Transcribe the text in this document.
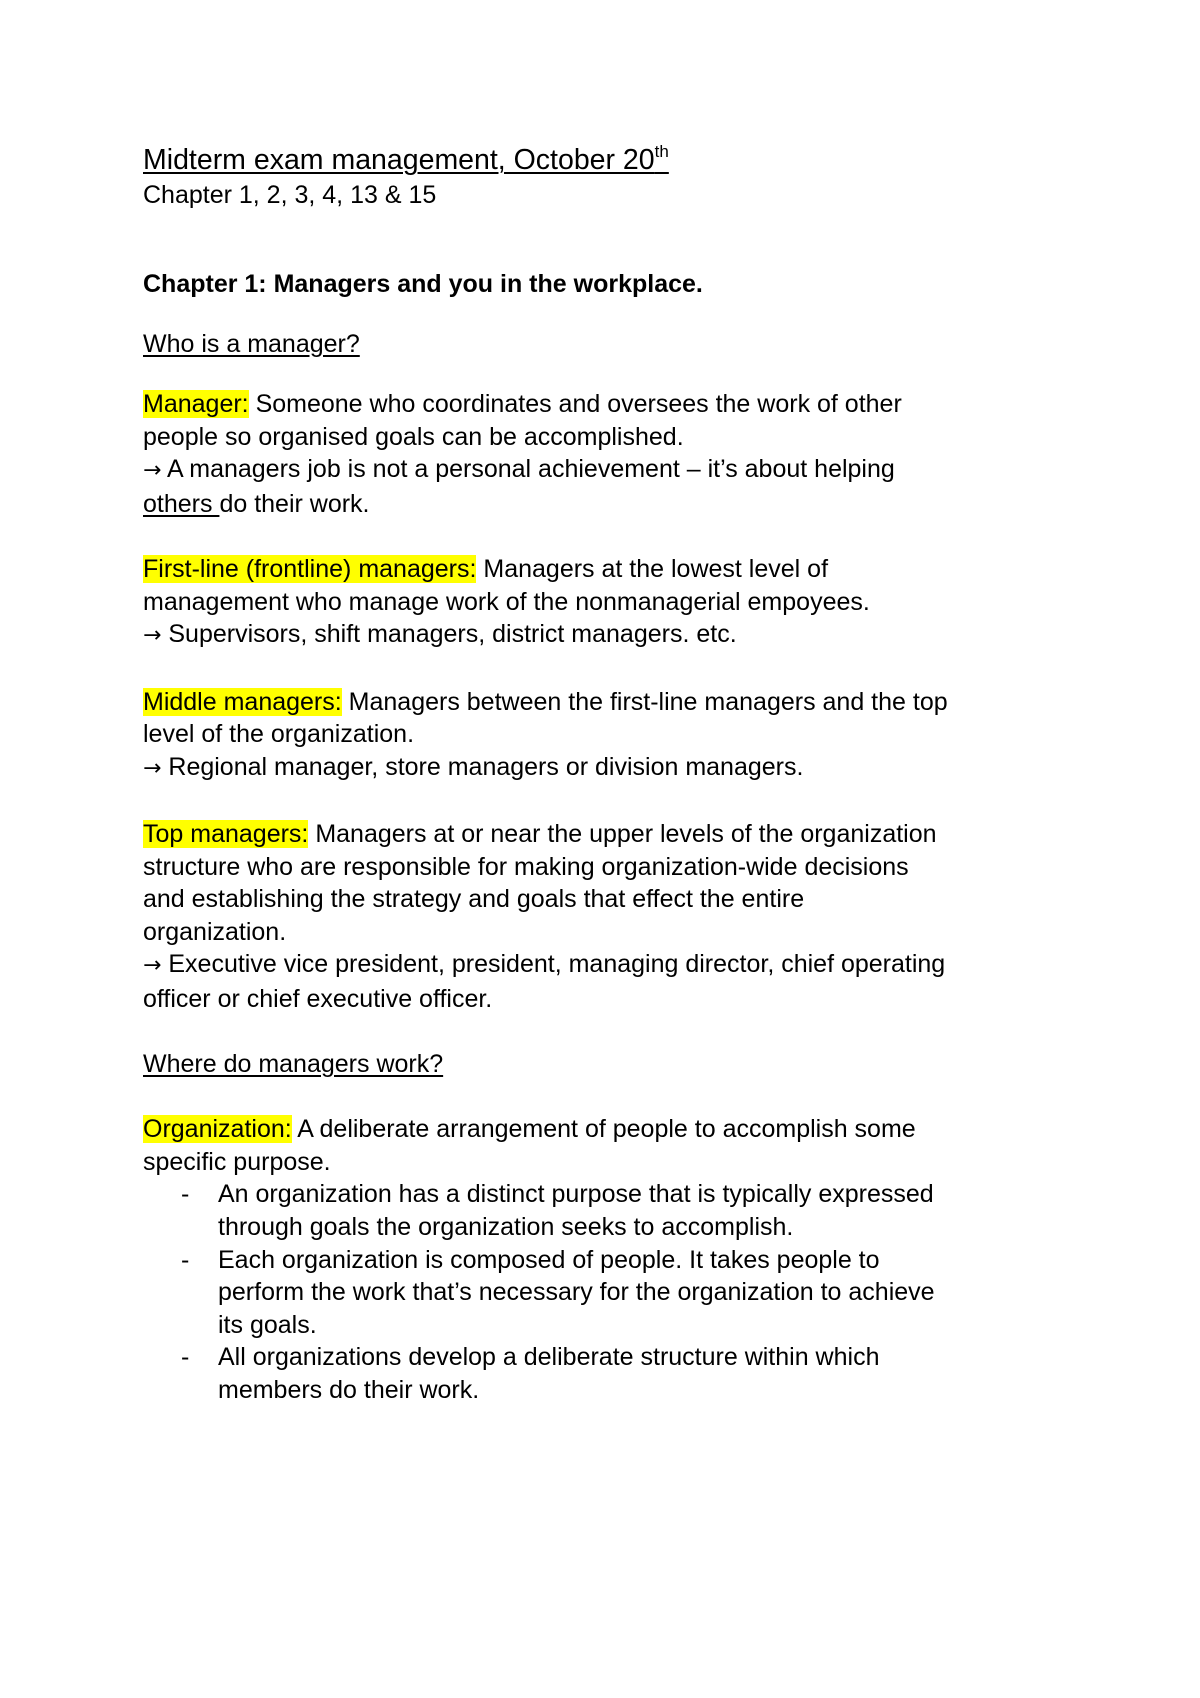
Midterm exam management, October 20th

Chapter 1, 2, 3, 4, 13 & 15

Chapter 1: Managers and you in the workplace.

Who is a manager?

Manager: Someone who coordinates and oversees the work of other

people so organised goals can be accomplished.

→ A managers job is not a personal achievement – it’s about helping

others do their work.

First-line (frontline) managers: Managers at the lowest level of

management who manage work of the nonmanagerial empoyees.

→ Supervisors, shift managers, district managers. etc.

Middle managers: Managers between the first-line managers and the top

level of the organization.

→ Regional manager, store managers or division managers.

Top managers: Managers at or near the upper levels of the organization

structure who are responsible for making organization-wide decisions

and establishing the strategy and goals that effect the entire

organization.

→ Executive vice president, president, managing director, chief operating

officer or chief executive officer.

Where do managers work?

Organization: A deliberate arrangement of people to accomplish some

specific purpose.

- An organization has a distinct purpose that is typically expressed
through goals the organization seeks to accomplish.
- Each organization is composed of people. It takes people to
perform the work that’s necessary for the organization to achieve
its goals.
- All organizations develop a deliberate structure within which
members do their work.
